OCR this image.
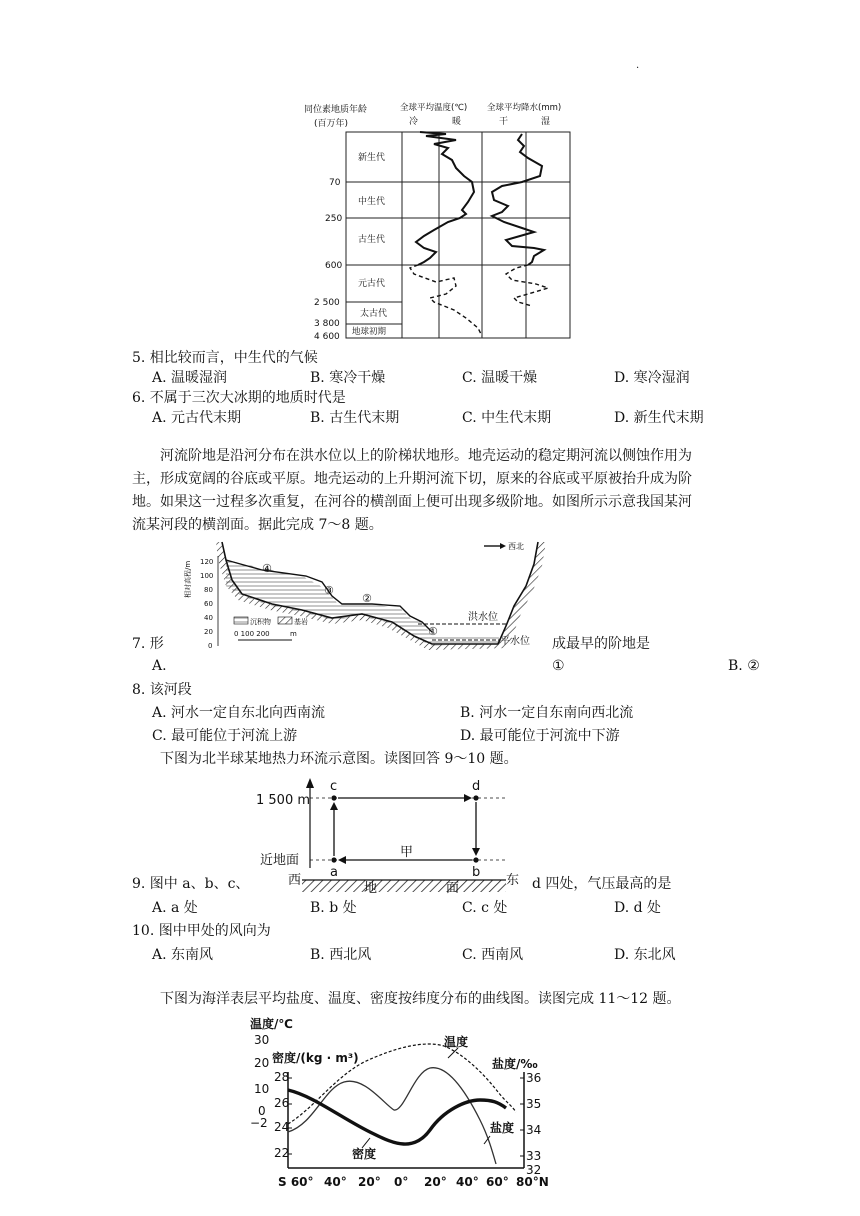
.
同位素地质年龄
(百万年)
全球平均温度(℃)
冷	暖
全球平均降水(mm)
干	湿
70
250
600
2 500
3 800
4 600
新生代
中生代
古生代
元古代
太古代
地球初期
5. 相比较而言，中生代的气候
A. 温暖湿润	B. 寒冷干燥	C. 温暖干燥	D. 寒冷湿润
6. 不属于三次大冰期的地质时代是
A. 元古代末期	B. 古生代末期	C. 中生代末期	D. 新生代末期
河流阶地是沿河分布在洪水位以上的阶梯状地形。地壳运动的稳定期河流以侧蚀作用为
主，形成宽阔的谷底或平原。地壳运动的上升期河流下切，原来的谷底或平原被抬升成为阶
地。如果这一过程多次重复，在河谷的横剖面上便可出现多级阶地。如图所示示意我国某河
流某河段的横剖面。据此完成 7～8 题。
相对高程/m 120
100
80
60
40
20
0
西北
洪水位
平水位
④
③
②
①
沉积物	基岩
0 100 200	m
7. 形	成最早的阶地是
A.	①	B. ②
8. 该河段
A. 河水一定自东北向西南流	B. 河水一定自东南向西北流
C. 最可能位于河流上游	D. 最可能位于河流中下游
下图为北半球某地热力环流示意图。读图回答 9～10 题。
1 500 m
近地面
c	d
a	b
甲
西	东
地	面
9. 图中 a、b、c、	d 四处，气压最高的是
A. a 处	B. b 处	C. c 处	D. d 处
10. 图中甲处的风向为
A. 东南风	B. 西北风	C. 西南风	D. 东北风
下图为海洋表层平均盐度、温度、密度按纬度分布的曲线图。读图完成 11～12 题。
温度/℃
密度/(kg · m³)	盐度/‰
30
20
10
0
−2
28
26
24
22
36
35
34
33
32
S 60° 40° 20° 0° 20° 40° 60° 80°N
温度
盐度
密度
